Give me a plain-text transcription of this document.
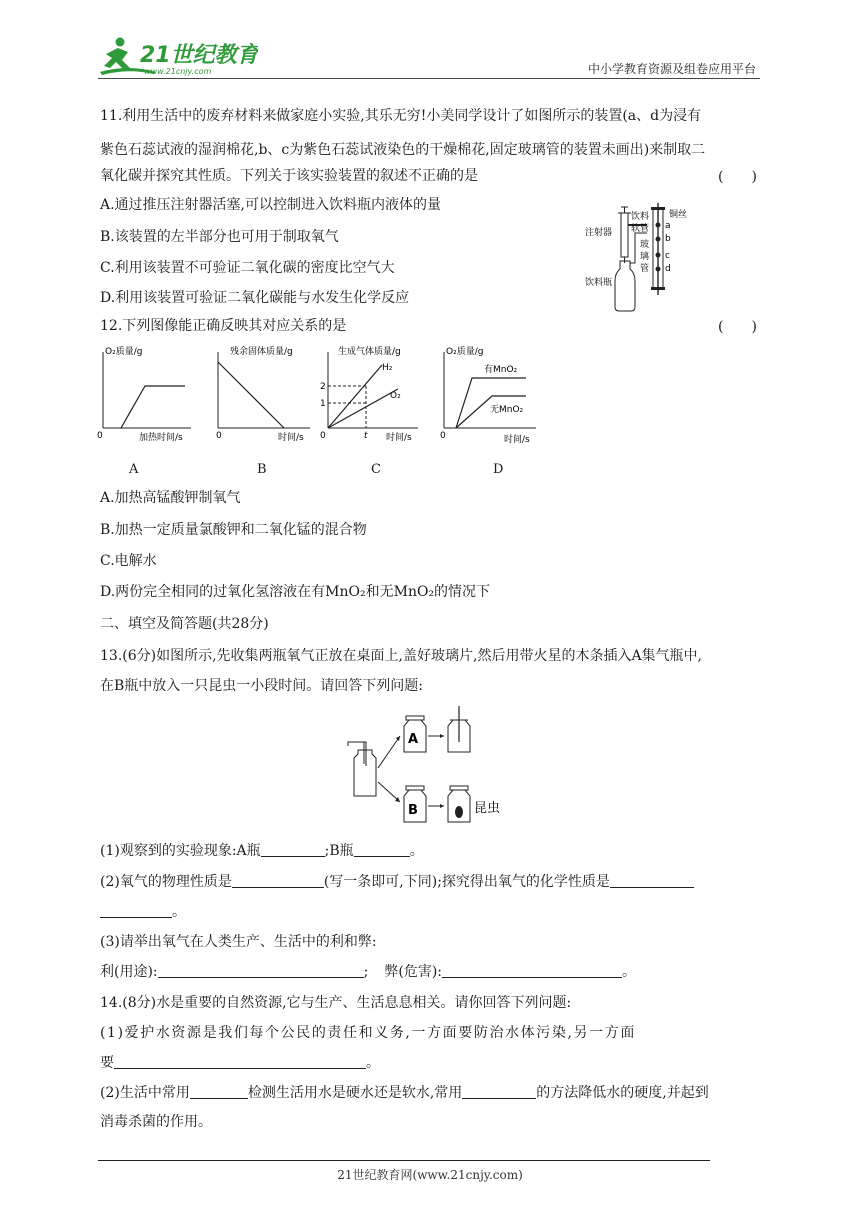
21世纪教育
www.21cnjy.com	中小学教育资源及组卷应用平台
11.利用生活中的废弃材料来做家庭小实验,其乐无穷!小美同学设计了如图所示的装置(a、d为浸有
紫色石蕊试液的湿润棉花,b、c为紫色石蕊试液染色的干燥棉花,固定玻璃管的装置未画出)来制取二
氧化碳并探究其性质。下列关于该实验装置的叙述不正确的是	(　　)
A.通过推压注射器活塞,可以控制进入饮料瓶内液体的量
B.该装置的左半部分也可用于制取氧气
C.利用该装置不可验证二氧化碳的密度比空气大
D.利用该装置可验证二氧化碳能与水发生化学反应
注射器
饮料瓶
饮料
软管 a
b
c
d
铜丝
玻
璃
管
12.下列图像能正确反映其对应关系的是	(　　)
O₂质量/g
0	加热时间/s
A
残余固体质量/g
0	时间/s
B
生成气体质量/g
0	时间/s
2
1
t
H₂
O₂
C
O₂质量/g
0	时间/s
有MnO₂
无MnO₂
D
A.加热高锰酸钾制氧气
B.加热一定质量氯酸钾和二氧化锰的混合物
C.电解水
D.两份完全相同的过氧化氢溶液在有MnO₂和无MnO₂的情况下
二、填空及简答题(共28分)
13.(6分)如图所示,先收集两瓶氧气正放在桌面上,盖好玻璃片,然后用带火星的木条插入A集气瓶中,
在B瓶中放入一只昆虫一小段时间。请回答下列问题:
A
B	昆虫
(1)观察到的实验现象:A瓶	;B瓶	。
(2)氧气的物理性质是	(写一条即可,下同);探究得出氧气的化学性质是
。
(3)请举出氧气在人类生产、生活中的利和弊:
利(用途):	; 弊(危害):	。
14.(8分)水是重要的自然资源,它与生产、生活息息相关。请你回答下列问题:
(1)爱护水资源是我们每个公民的责任和义务,一方面要防治水体污染,另一方面
要	。
(2)生活中常用	检测生活用水是硬水还是软水,常用	的方法降低水的硬度,并起到
消毒杀菌的作用。
21世纪教育网(www.21cnjy.com)
